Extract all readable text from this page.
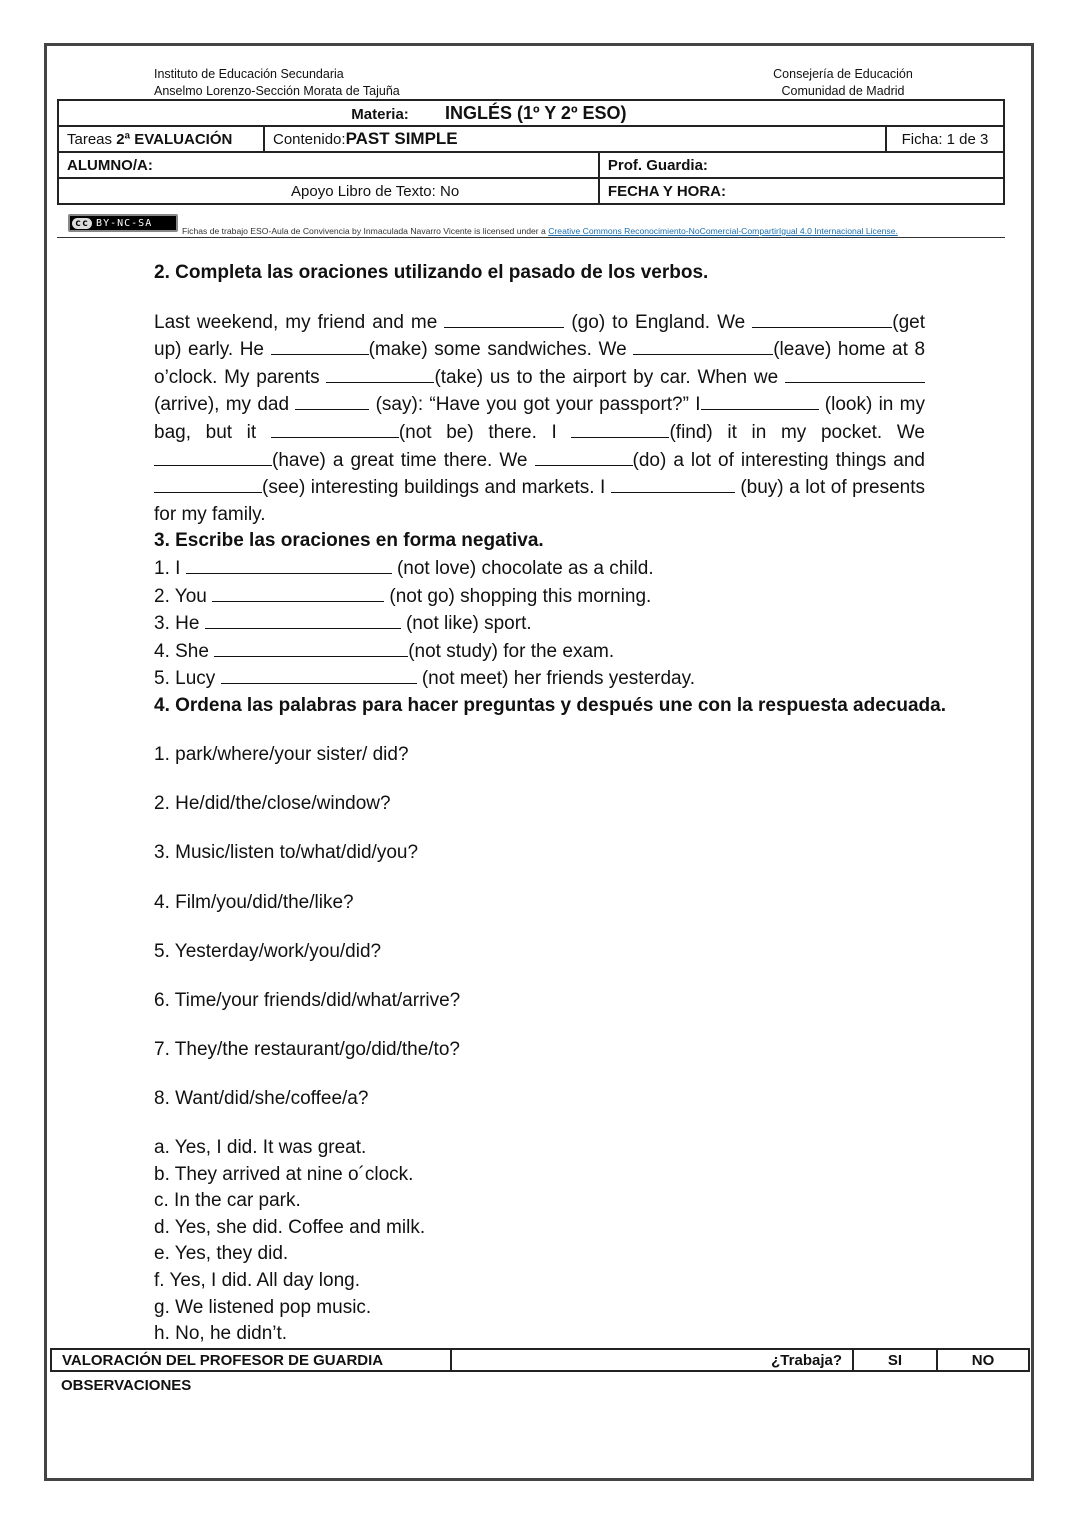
Instituto de Educación Secundaria
Anselmo Lorenzo-Sección Morata de Tajuña
Consejería de Educación
Comunidad de Madrid
Materia: INGLÉS (1º Y 2º ESO)			
Tareas 2ª EVALUACIÓN	Contenido:PAST SIMPLE		Ficha: 1 de 3
ALUMNO/A:		Prof. Guardia:	
Apoyo Libro de Texto: No		FECHA Y HORA:	
cc BY-NC-SA
Fichas de trabajo ESO-Aula de Convivencia by Inmaculada Navarro Vicente is licensed under a Creative Commons Reconocimiento-NoComercial-CompartirIgual 4.0 Internacional License.
2. Completa las oraciones utilizando el pasado de los verbos.
Last weekend, my friend and me	(go) to England. We	(get up) early. He	(make) some sandwiches. We	(leave) home at 8 o’clock. My parents	(take) us to the airport by car. When we (arrive), my dad	(say): “Have you got your passport?” I	(look) in my bag, but it	(not be) there. I	(find) it in my pocket. We (have) a great time there. We	(do) a lot of interesting things and (see) interesting buildings and markets. I	(buy) a lot of presents for my family.
3. Escribe las oraciones en forma negativa.
1. I	(not love) chocolate as a child.
2. You	(not go) shopping this morning.
3. He	(not like) sport.
4. She	(not study) for the exam.
5. Lucy	(not meet) her friends yesterday.
4. Ordena las palabras para hacer preguntas y después une con la respuesta adecuada.
1. park/where/your sister/ did?
2. He/did/the/close/window?
3. Music/listen to/what/did/you?
4. Film/you/did/the/like?
5. Yesterday/work/you/did?
6. Time/your friends/did/what/arrive?
7. They/the restaurant/go/did/the/to?
8. Want/did/she/coffee/a?
a. Yes, I did. It was great.
b. They arrived at nine o´clock.
c. In the car park.
d. Yes, she did. Coffee and milk.
e. Yes, they did.
f. Yes, I did. All day long.
g. We listened pop music.
h. No, he didn’t.
VALORACIÓN DEL PROFESOR DE GUARDIA	¿Trabaja?	SI	NO
OBSERVACIONES
